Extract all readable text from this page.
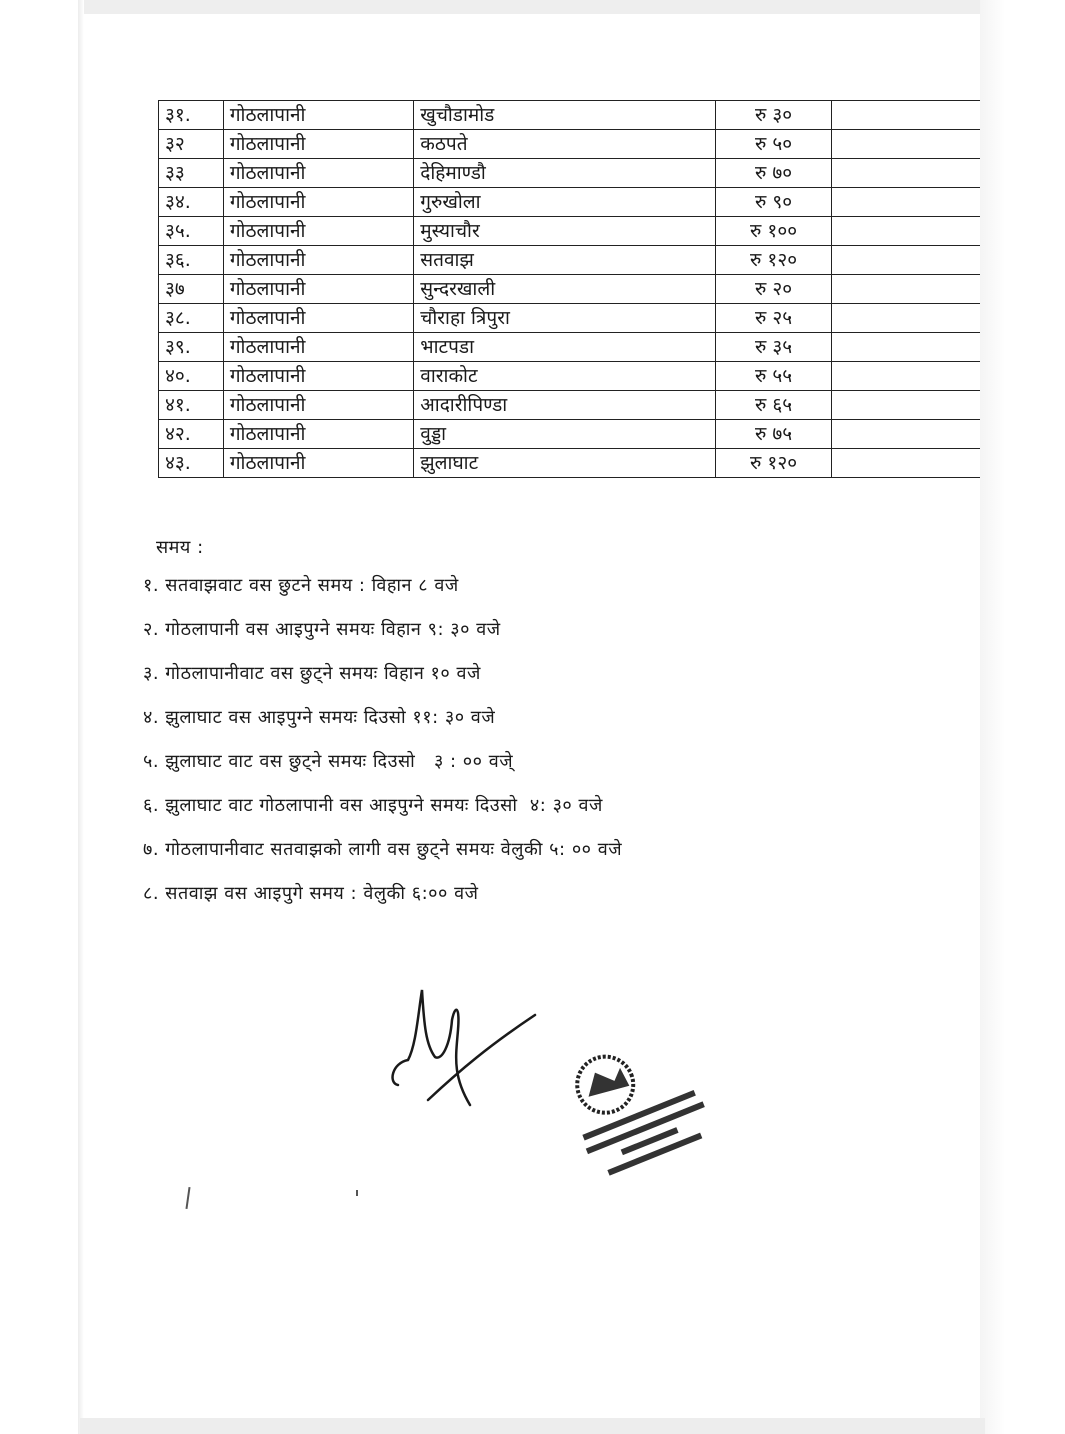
३१.	गोठलापानी	खुचौडामोड	रु ३०	
३२	गोठलापानी	कठपते	रु ५०	
३३	गोठलापानी	देहिमाण्डौ	रु ७०	
३४.	गोठलापानी	गुरुखोला	रु ९०	
३५.	गोठलापानी	मुस्याचौर	रु १००	
३६.	गोठलापानी	सतवाझ	रु १२०	
३७	गोठलापानी	सुन्दरखाली	रु २०	
३८.	गोठलापानी	चौराहा त्रिपुरा	रु २५	
३९.	गोठलापानी	भाटपडा	रु ३५	
४०.	गोठलापानी	वाराकोट	रु ५५	
४१.	गोठलापानी	आदारीपिण्डा	रु ६५	
४२.	गोठलापानी	वुड्डा	रु ७५	
४३.	गोठलापानी	झुलाघाट	रु १२०	
समय :
१. सतवाझवाट वस छुटने समय : विहान ८ वजे
२. गोठलापानी वस आइपुग्ने समयः विहान ९: ३० वजे
३. गोठलापानीवाट वस छुट्ने समयः विहान १० वजे
४. झुलाघाट वस आइपुग्ने समयः दिउसो ११: ३० वजे
५. झुलाघाट वाट वस छुट्ने समयः दिउसो   ३ : ०० वजे्
६. झुलाघाट वाट गोठलापानी वस आइपुग्ने समयः दिउसो  ४: ३० वजे
७. गोठलापानीवाट सतवाझको लागी वस छुट्ने समयः वेलुकी ५: ०० वजे
८. सतवाझ वस आइपुगे समय : वेलुकी ६:०० वजे
